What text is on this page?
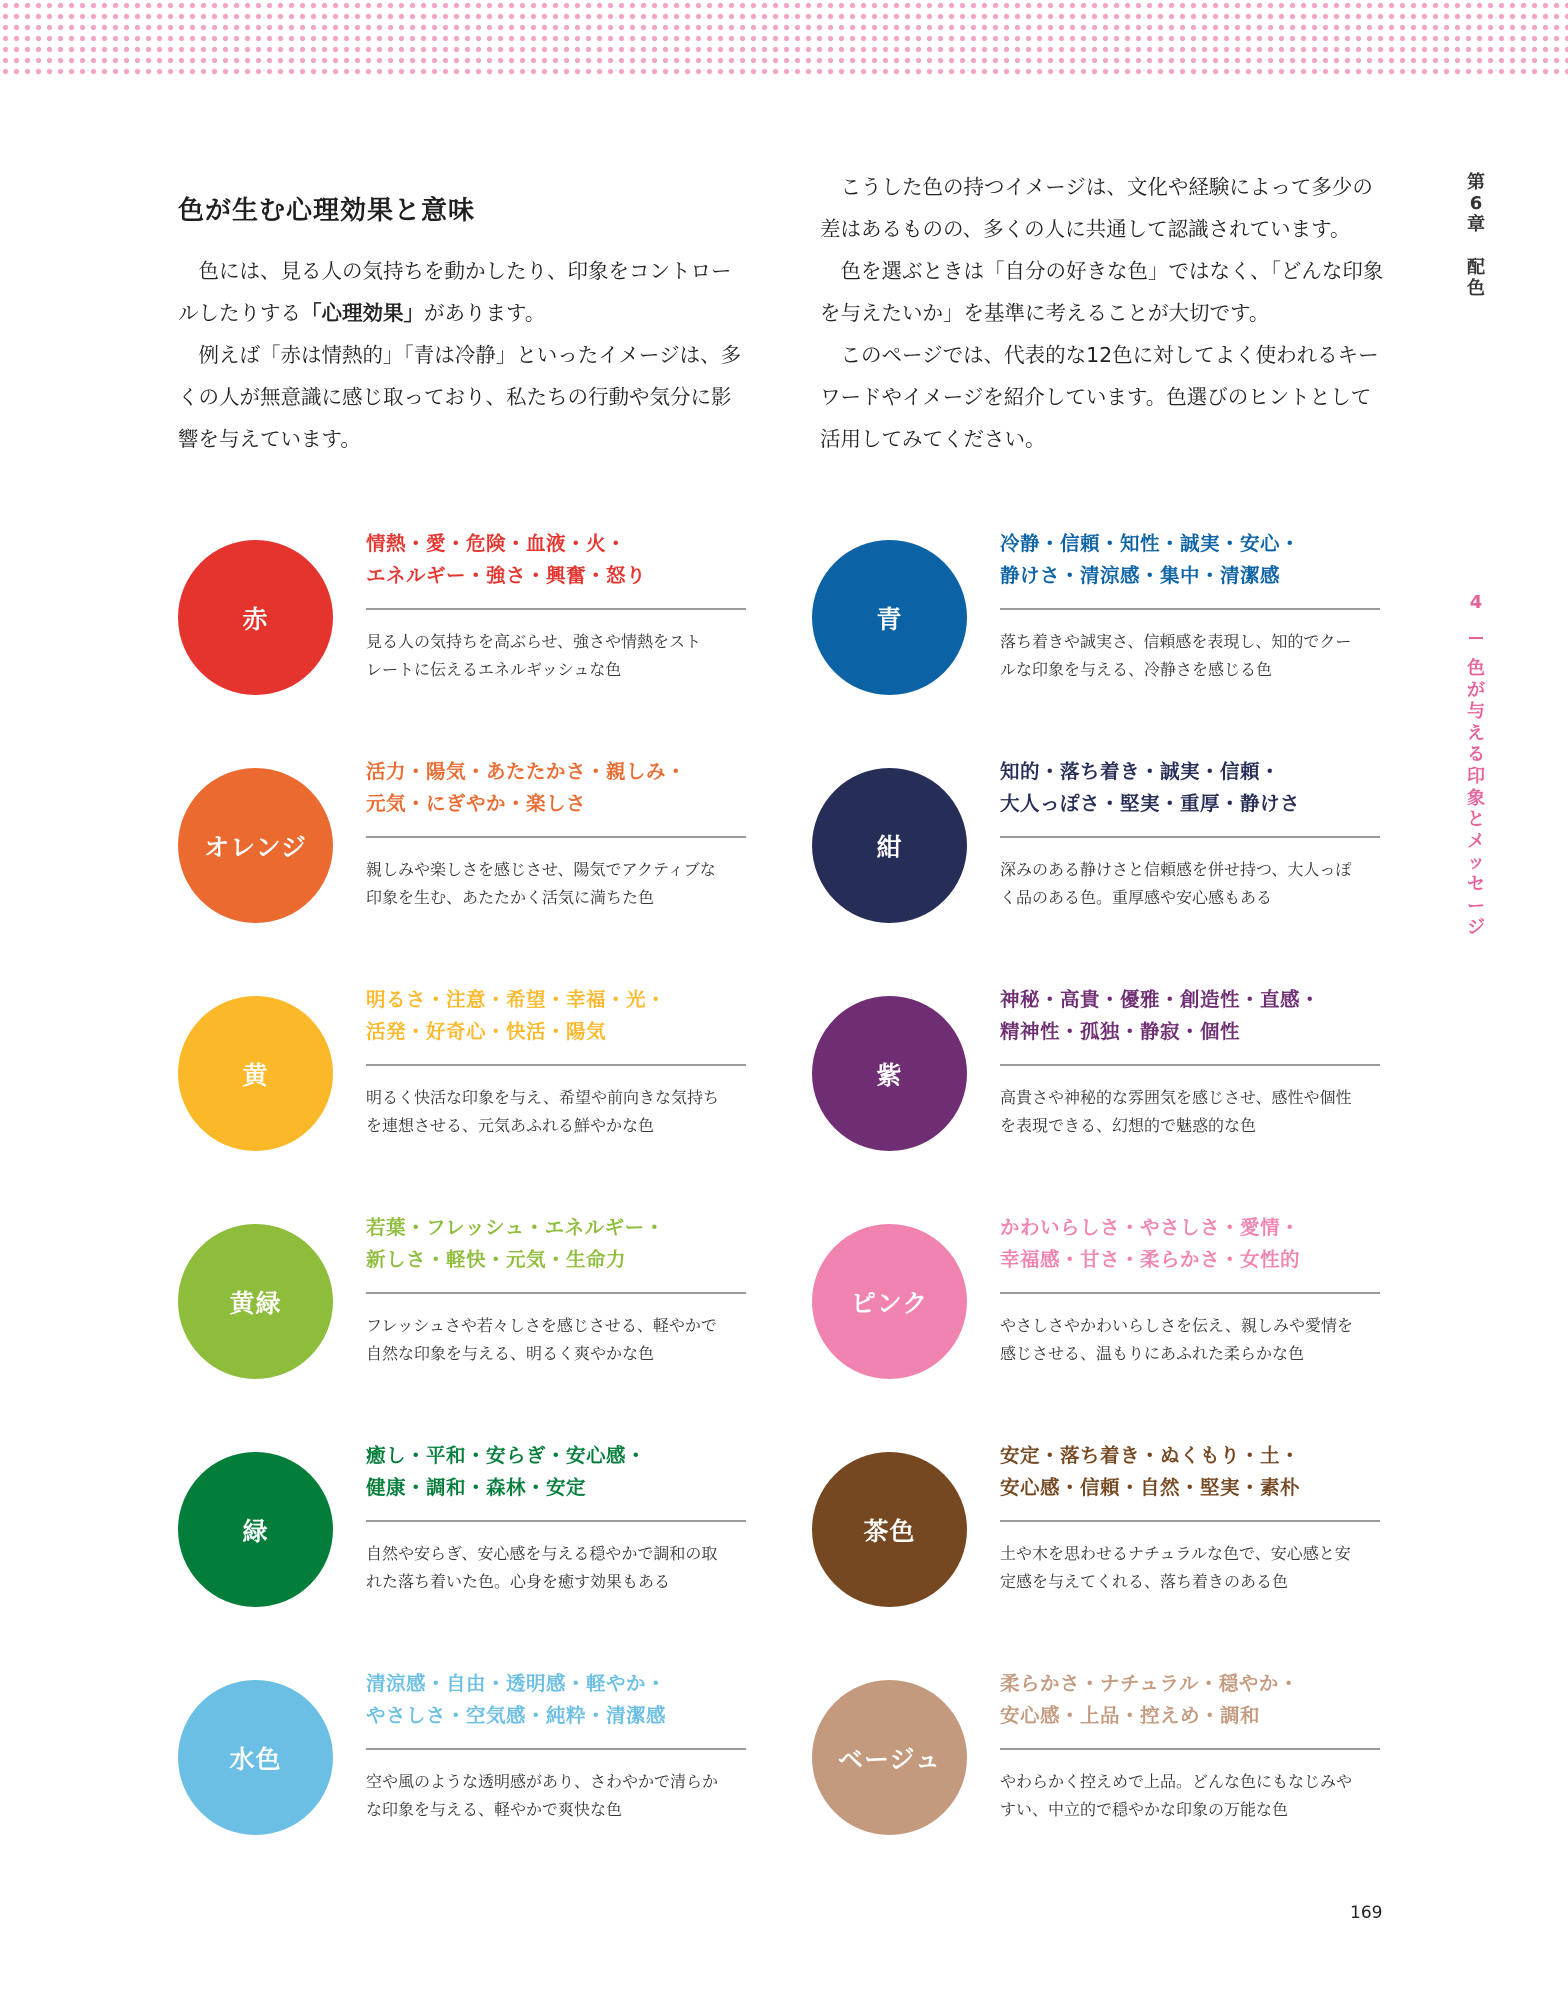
色が生む心理効果と意味

色には、見る人の気持ちを動かしたり、印象をコントロールしたりする「心理効果」があります。

例えば「赤は情熱的」「青は冷静」といったイメージは、多くの人が無意識に感じ取っており、私たちの行動や気分に影響を与えています。

こうした色の持つイメージは、文化や経験によって多少の差はあるものの、多くの人に共通して認識されています。

色を選ぶときは「自分の好きな色」ではなく、「どんな印象を与えたいか」を基準に考えることが大切です。

このページでは、代表的な12色に対してよく使われるキーワードやイメージを紹介しています。色選びのヒントとして活用してみてください。

第
6
章
配
色
4
色
が
与
え
る
印
象
と
メ
ッ
セ
ー
ジ
赤
情熱・愛・危険・血液・火・
エネルギー・強さ・興奮・怒り
見る人の気持ちを高ぶらせ、強さや情熱をスト
レートに伝えるエネルギッシュな色
青
冷静・信頼・知性・誠実・安心・
静けさ・清涼感・集中・清潔感
落ち着きや誠実さ、信頼感を表現し、知的でクー
ルな印象を与える、冷静さを感じる色
オレンジ
活力・陽気・あたたかさ・親しみ・
元気・にぎやか・楽しさ
親しみや楽しさを感じさせ、陽気でアクティブな
印象を生む、あたたかく活気に満ちた色
紺
知的・落ち着き・誠実・信頼・
大人っぽさ・堅実・重厚・静けさ
深みのある静けさと信頼感を併せ持つ、大人っぽ
く品のある色。重厚感や安心感もある
黄
明るさ・注意・希望・幸福・光・
活発・好奇心・快活・陽気
明るく快活な印象を与え、希望や前向きな気持ち
を連想させる、元気あふれる鮮やかな色
紫
神秘・高貴・優雅・創造性・直感・
精神性・孤独・静寂・個性
高貴さや神秘的な雰囲気を感じさせ、感性や個性
を表現できる、幻想的で魅惑的な色
黄緑
若葉・フレッシュ・エネルギー・
新しさ・軽快・元気・生命力
フレッシュさや若々しさを感じさせる、軽やかで
自然な印象を与える、明るく爽やかな色
ピンク
かわいらしさ・やさしさ・愛情・
幸福感・甘さ・柔らかさ・女性的
やさしさやかわいらしさを伝え、親しみや愛情を
感じさせる、温もりにあふれた柔らかな色
緑
癒し・平和・安らぎ・安心感・
健康・調和・森林・安定
自然や安らぎ、安心感を与える穏やかで調和の取
れた落ち着いた色。心身を癒す効果もある
茶色
安定・落ち着き・ぬくもり・土・
安心感・信頼・自然・堅実・素朴
土や木を思わせるナチュラルな色で、安心感と安
定感を与えてくれる、落ち着きのある色
水色
清涼感・自由・透明感・軽やか・
やさしさ・空気感・純粋・清潔感
空や風のような透明感があり、さわやかで清らか
な印象を与える、軽やかで爽快な色
ベージュ
柔らかさ・ナチュラル・穏やか・
安心感・上品・控えめ・調和
やわらかく控えめで上品。どんな色にもなじみや
すい、中立的で穏やかな印象の万能な色
169
